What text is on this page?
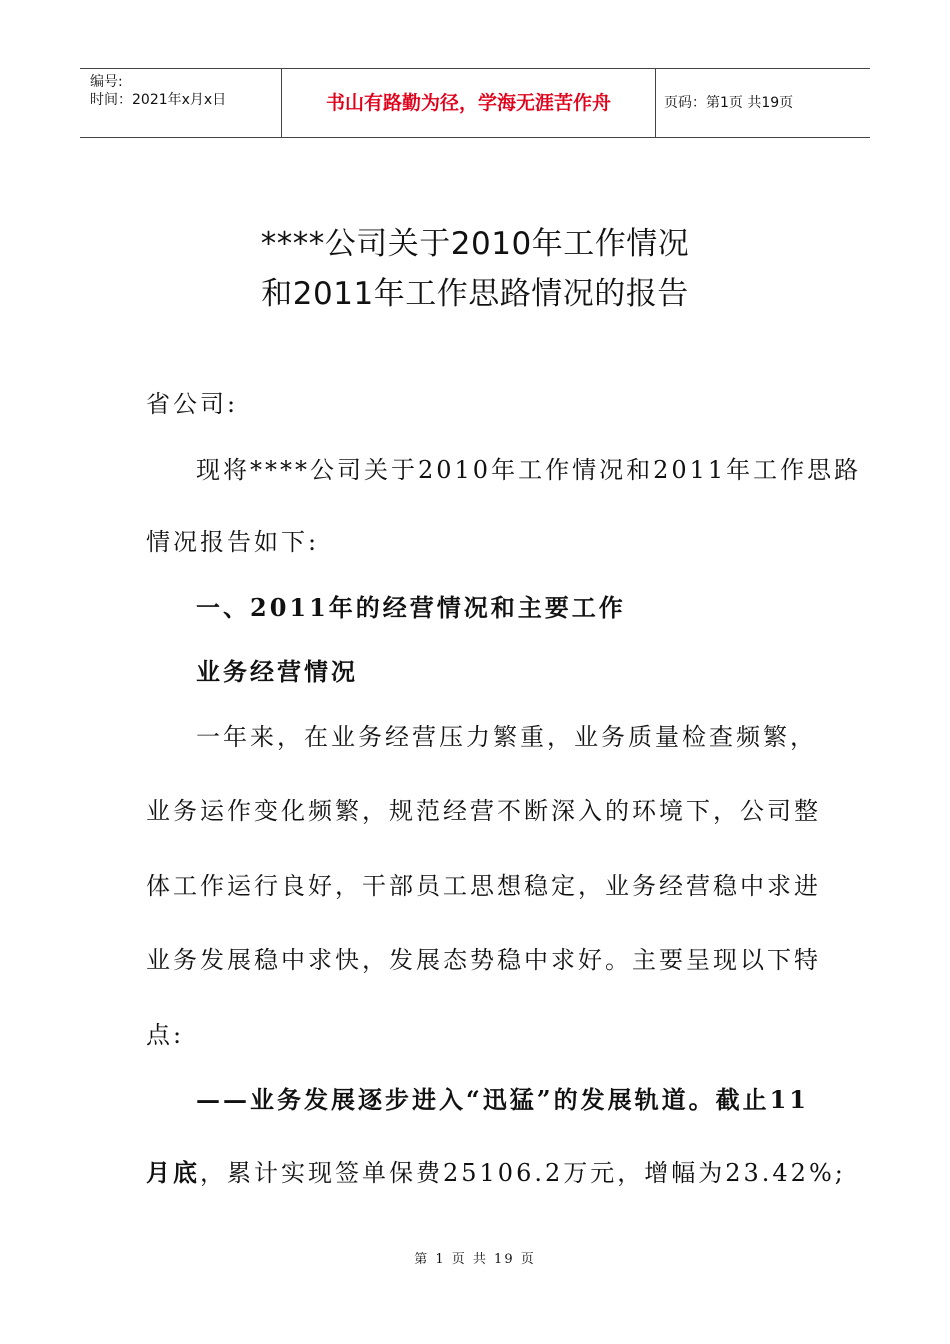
编号:
时间：2021年x月x日	书山有路勤为径，学海无涯苦作舟	页码：第1页 共19页
****公司关于2010年工作情况
和2011年工作思路情况的报告
省公司:
现将****公司关于2010年工作情况和2011年工作思路
情况报告如下:
一、2011年的经营情况和主要工作
业务经营情况
一年来，在业务经营压力繁重，业务质量检查频繁，
业务运作变化频繁，规范经营不断深入的环境下，公司整
体工作运行良好，干部员工思想稳定，业务经营稳中求进
业务发展稳中求快，发展态势稳中求好。主要呈现以下特
点:
——业务发展逐步进入“迅猛”的发展轨道。截止11
月底，累计实现签单保费25106.2万元，增幅为23.42%;
第 1 页 共 19 页
